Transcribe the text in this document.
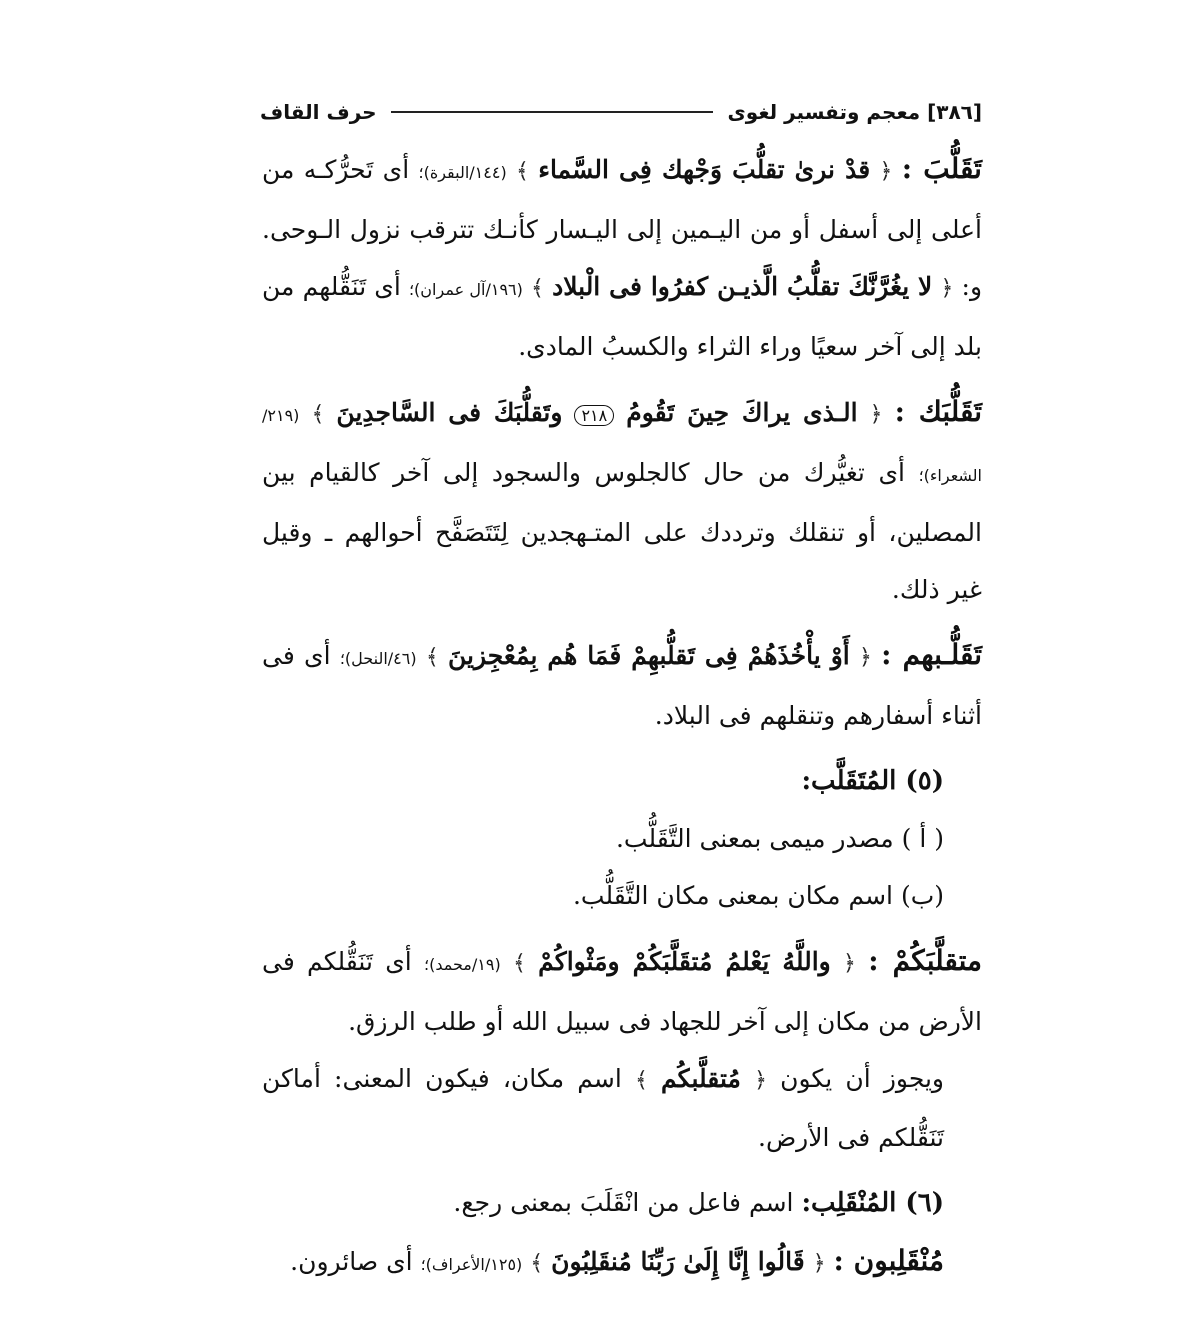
[٣٨٦] معجم وتفسير لغوى
حرف القاف

تَقَلُّبَ : ﴿ قدْ نرىٰ تقلُّبَ وَجْهك فِى السَّماء ﴾ (١٤٤/البقرة)؛ أى تَحرُّكـه من أعلى إلى أسفل أو من اليـمين إلى اليـسار كأنـك تترقب نزول الـوحى. و: ﴿ لا يغُرَّنَّكَ تقلُّبُ الَّذيـن كفرُوا فى الْبلاد ﴾ (١٩٦/آل عمران)؛ أى تَنَقُّلهم من بلد إلى آخر سعيًا وراء الثراء والكسبُ المادى.

تَقَلُّبَك : ﴿ الـذى يراكَ حِينَ تَقُومُ ٢١٨ وتَقلُّبَكَ فى السَّاجدِينَ ﴾ (٢١٩/الشعراء)؛ أى تغيُّرك من حال كالجلوس والسجود إلى آخر كالقيام بين المصلين، أو تنقلك وترددك على المتـهجدين لِتَتَصَفَّح أحوالهم ـ وقيل غير ذلك.

تَقَلُّـبهم : ﴿ أَوْ يأْخُذَهُمْ فِى تَقلُّبهِمْ فَمَا هُم بِمُعْجِزينَ ﴾ (٤٦/النحل)؛ أى فى أثناء أسفارهم وتنقلهم فى البلاد.

(٥) المُتَقَلَّب:

( أ ) مصدر ميمى بمعنى التَّقَلُّب.

(ب) اسم مكان بمعنى مكان التَّقَلُّب.

متقلَّبَكُمْ : ﴿ واللَّهُ يَعْلمُ مُتقَلَّبَكُمْ ومَثْواكُمْ ﴾ (١٩/محمد)؛ أى تَنَقُّلكم فى الأرض من مكان إلى آخر للجهاد فى سبيل الله أو طلب الرزق.

ويجوز أن يكون ﴿ مُتقلَّبكُم ﴾ اسم مكان، فيكون المعنى: أماكن تَنَقُّلكم فى الأرض.

(٦) المُنْقَلِب: اسم فاعل من انْقَلَبَ بمعنى رجع.

مُنْقَلِبون : ﴿ قَالُوا إِنَّا إِلَىٰ رَبِّنَا مُنقَلِبُونَ ﴾ (١٢٥/الأعراف)؛ أى صائرون.
